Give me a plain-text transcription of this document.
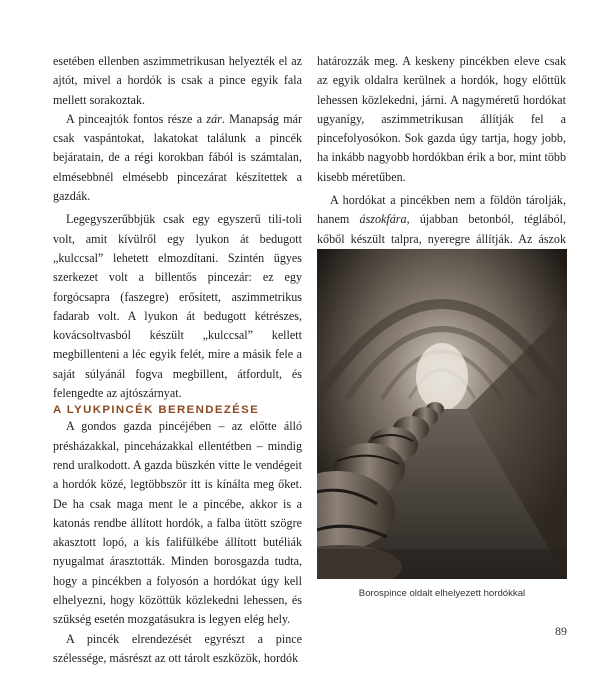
esetében ellenben aszimmetrikusan helyezték el az ajtót, mivel a hordók is csak a pince egyik fala mellett sorakoztak.

A pinceajtók fontos része a zár. Manapság már csak vaspántokat, lakatokat találunk a pincék bejáratain, de a régi korokban fából is számtalan, elmésebbnél elmésebb pincezárat készítettek a gazdák.

Legegyszerűbbjük csak egy egyszerű tili-toli volt, amit kívülről egy lyukon át bedugott „kulccsal” lehetett elmozdítani. Szintén ügyes szerkezet volt a billentős pincezár: ez egy forgócsapra (faszegre) erősített, aszimmetrikus fadarab volt. A lyukon át bedugott kétrészes, kovácsoltvasból készült „kulccsal” kellett megbillenteni a léc egyik felét, mire a másik fele a saját súlyánál fogva megbillent, átfordult, és felengedte az ajtószárnyat.

A LYUKPINCÉK BERENDEZÉSE

A gondos gazda pincéjében – az előtte álló présházakkal, pinceházakkal ellentétben – mindig rend uralkodott. A gazda büszkén vitte le vendégeit a hordók közé, legtöbbször itt is kínálta meg őket. De ha csak maga ment le a pincébe, akkor is a katonás rendbe állított hordók, a falba ütött szögre akasztott lopó, a kis falifülkébe állított butéliák nyugalmat árasztották. Minden borosgazda tudta, hogy a pincékben a folyosón a hordókat úgy kell elhelyezni, hogy közöttük közlekedni lehessen, és szükség esetén mozgatásukra is legyen elég hely.

A pincék elrendezését egyrészt a pince szélessége, másrészt az ott tárolt eszközök, hordók

határozzák meg. A keskeny pincékben eleve csak az egyik oldalra kerülnek a hordók, hogy előttük lehessen közlekedni, járni. A nagyméretű hordókat ugyanígy, aszimmetrikusan állítják fel a pincefolyosókon. Sok gazda úgy tartja, hogy jobb, ha inkább nagyobb hordókban érik a bor, mint több kisebb méretűben.

A hordókat a pincékben nem a földön tárolják, hanem ászokfára, újabban betonból, téglából, kőből készült talpra, nyeregre állítják. Az ászok

Borospince oldalt elhelyezett hordókkal
89
